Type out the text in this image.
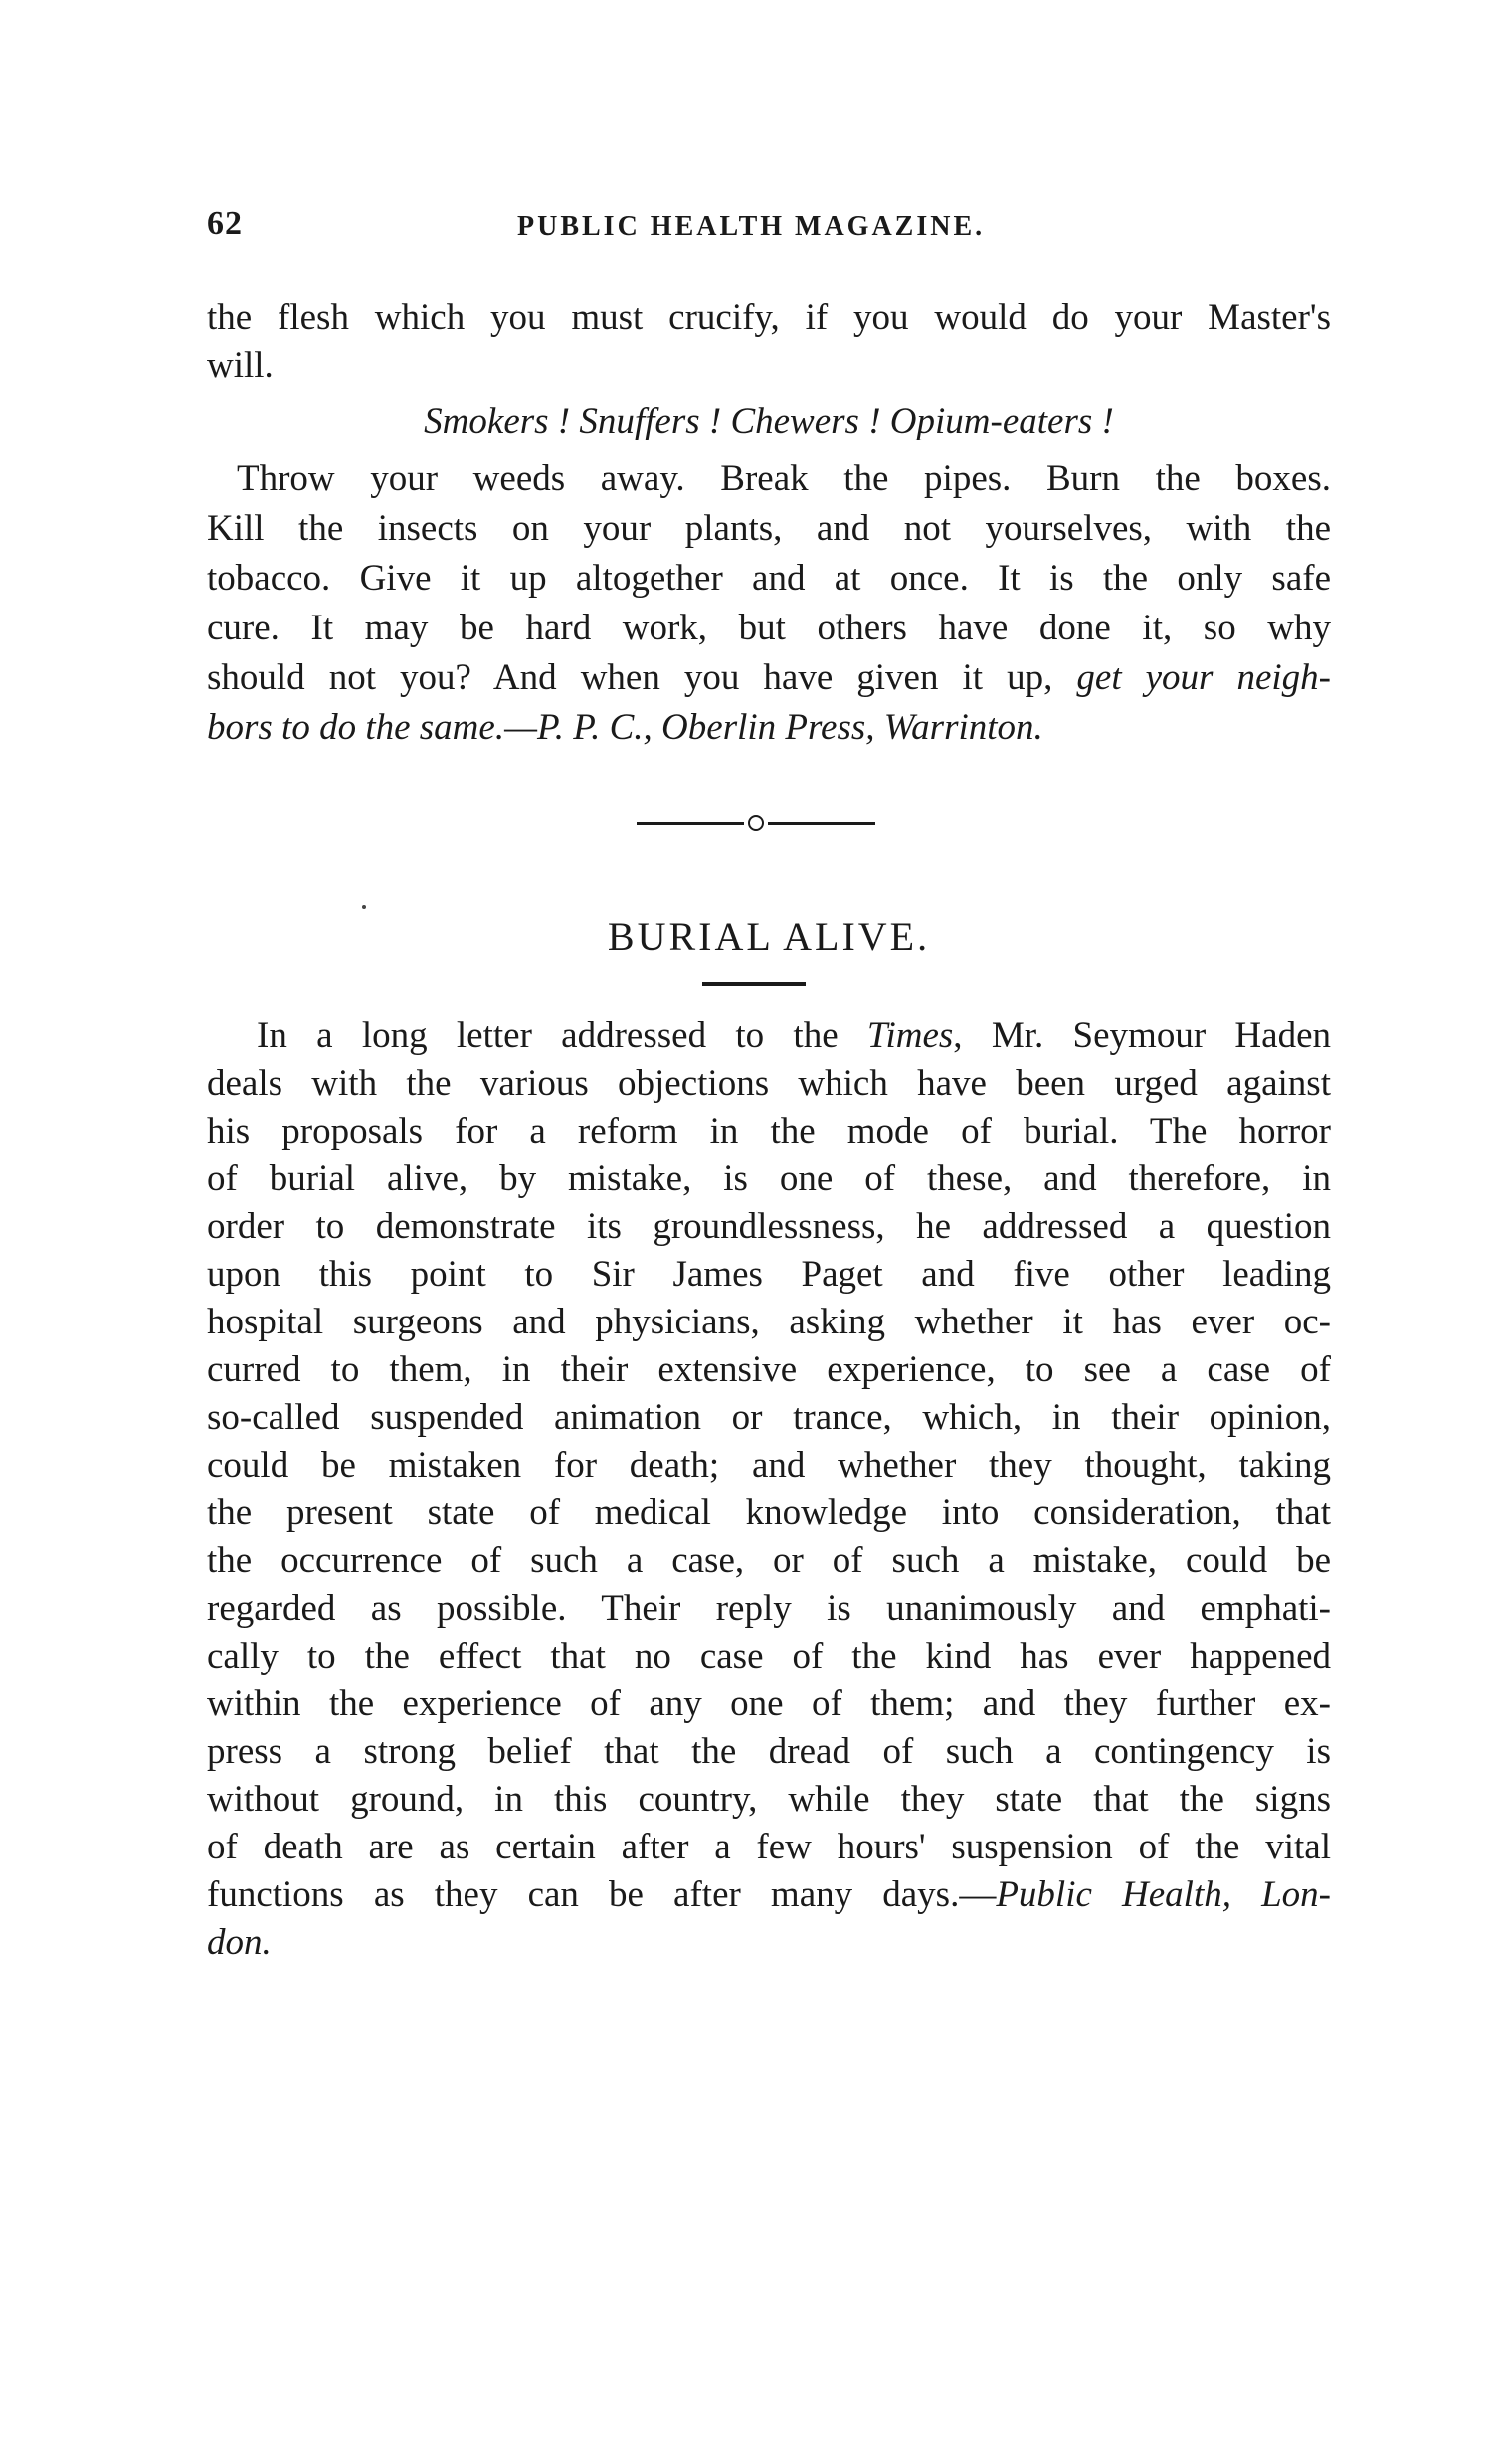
62	PUBLIC HEALTH MAGAZINE.
the flesh which you must crucify, if you would do your Master's
will.
Smokers ! Snuffers ! Chewers ! Opium-eaters !
Throw your weeds away. Break the pipes. Burn the boxes.
Kill the insects on your plants, and not yourselves, with the
tobacco. Give it up altogether and at once. It is the only safe
cure. It may be hard work, but others have done it, so why
should not you? And when you have given it up, get your neigh-
bors to do the same.—P. P. C., Oberlin Press, Warrinton.
BURIAL ALIVE.
In a long letter addressed to the Times, Mr. Seymour Haden
deals with the various objections which have been urged against
his proposals for a reform in the mode of burial. The horror
of burial alive, by mistake, is one of these, and therefore, in
order to demonstrate its groundlessness, he addressed a question
upon this point to Sir James Paget and five other leading
hospital surgeons and physicians, asking whether it has ever oc-
curred to them, in their extensive experience, to see a case of
so-called suspended animation or trance, which, in their opinion,
could be mistaken for death; and whether they thought, taking
the present state of medical knowledge into consideration, that
the occurrence of such a case, or of such a mistake, could be
regarded as possible. Their reply is unanimously and emphati-
cally to the effect that no case of the kind has ever happened
within the experience of any one of them; and they further ex-
press a strong belief that the dread of such a contingency is
without ground, in this country, while they state that the signs
of death are as certain after a few hours' suspension of the vital
functions as they can be after many days.—Public Health, Lon-
don.
